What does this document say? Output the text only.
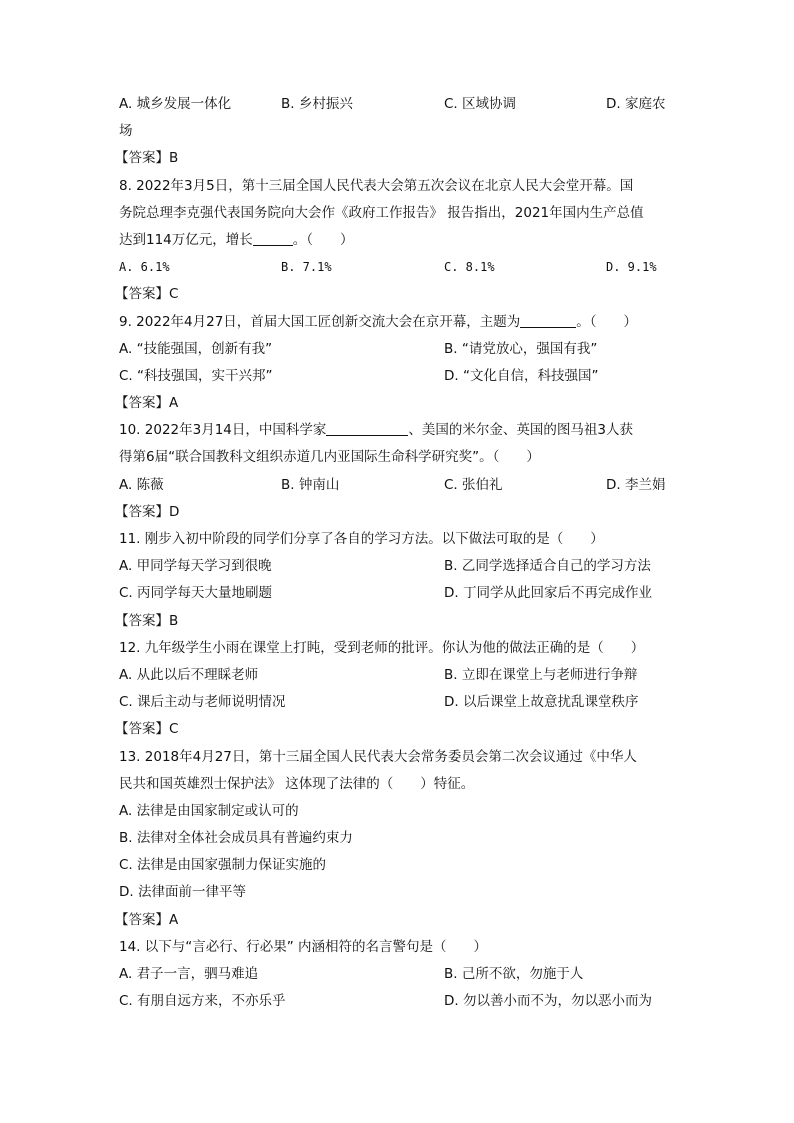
A. 城乡发展一体化	B. 乡村振兴	C. 区域协调	D. 家庭农
场
【答案】B
8. 2022年3月5日，第十三届全国人民代表大会第五次会议在北京人民大会堂开幕。国
务院总理李克强代表国务院向大会作《政府工作报告》 报告指出，2021年国内生产总值
达到114万亿元，增长	。（　　）
A. 6.1%	B. 7.1%	C. 8.1%	D. 9.1%
【答案】C
9. 2022年4月27日，首届大国工匠创新交流大会在京开幕，主题为	。（　　）
A. “技能强国，创新有我”	B. “请党放心，强国有我”
C. “科技强国，实干兴邦”	D. “文化自信，科技强国”
【答案】A
10. 2022年3月14日，中国科学家	、美国的米尔金、英国的图马祖3人获
得第6届“联合国教科文组织赤道几内亚国际生命科学研究奖”。（　　）
A. 陈薇	B. 钟南山	C. 张伯礼	D. 李兰娟
【答案】D
11. 刚步入初中阶段的同学们分享了各自的学习方法。以下做法可取的是（　　）
A. 甲同学每天学习到很晚	B. 乙同学选择适合自己的学习方法
C. 丙同学每天大量地刷题	D. 丁同学从此回家后不再完成作业
【答案】B
12. 九年级学生小雨在课堂上打盹，受到老师的批评。你认为他的做法正确的是（　　）
A. 从此以后不理睬老师	B. 立即在课堂上与老师进行争辩
C. 课后主动与老师说明情况	D. 以后课堂上故意扰乱课堂秩序
【答案】C
13. 2018年4月27日，第十三届全国人民代表大会常务委员会第二次会议通过《中华人
民共和国英雄烈士保护法》 这体现了法律的（　　）特征。
A. 法律是由国家制定或认可的
B. 法律对全体社会成员具有普遍约束力
C. 法律是由国家强制力保证实施的
D. 法律面前一律平等
【答案】A
14. 以下与“言必行、行必果” 内涵相符的名言警句是（　　）
A. 君子一言，驷马难追	B. 己所不欲，勿施于人
C. 有朋自远方来，不亦乐乎	D. 勿以善小而不为，勿以恶小而为
